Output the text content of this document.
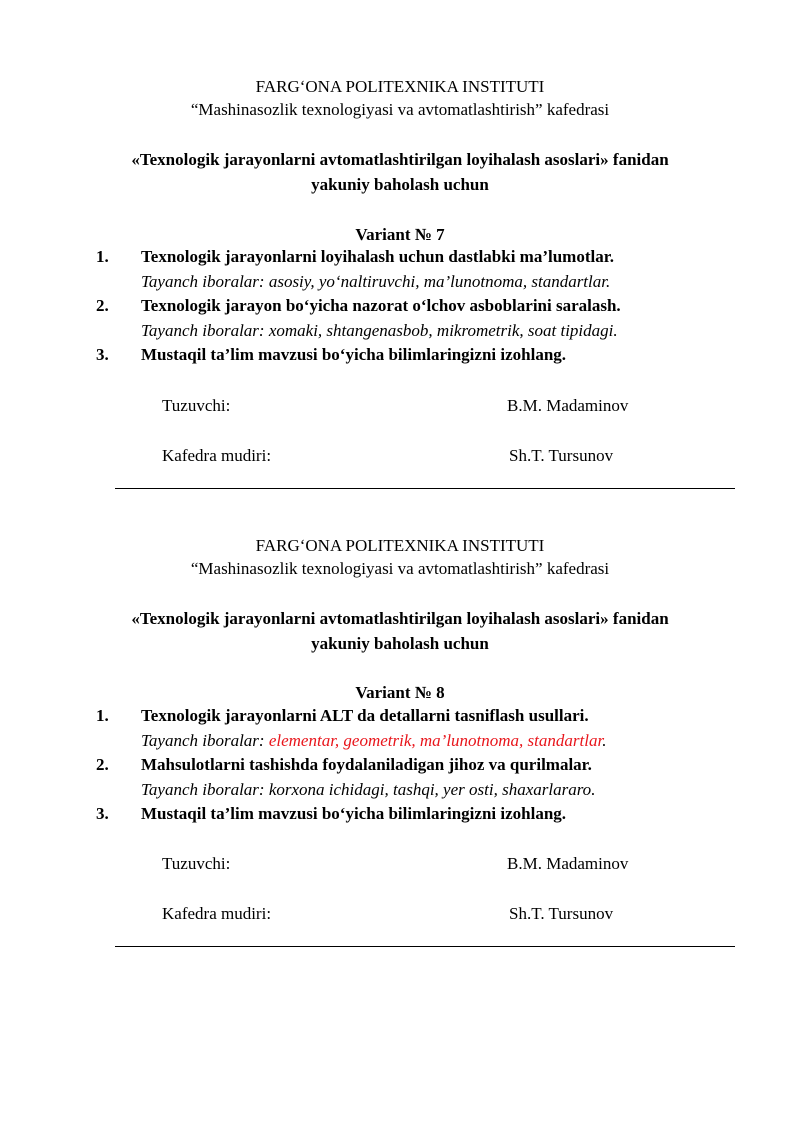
FARG‘ONA POLITEXNIKA INSTITUTI
“Mashinasozlik texnologiyasi va avtomatlashtirish” kafedrasi
«Texnologik jarayonlarni avtomatlashtirilgan loyihalash asoslari» fanidan
yakuniy baholash uchun
Variant № 7
1. Texnologik jarayonlarni loyihalash uchun dastlabki ma’lumotlar.
Tayanch iboralar: asosiy, yo‘naltiruvchi, ma’lunotnoma, standartlar.
2. Texnologik jarayon bo‘yicha nazorat o‘lchov asboblarini saralash.
Tayanch iboralar: xomaki, shtangenasbob, mikrometrik, soat tipidagi.
3. Mustaqil ta’lim mavzusi bo‘yicha bilimlaringizni izohlang.
Tuzuvchi:	B.M. Madaminov
Kafedra mudiri:	Sh.T. Tursunov
FARG‘ONA POLITEXNIKA INSTITUTI
“Mashinasozlik texnologiyasi va avtomatlashtirish” kafedrasi
«Texnologik jarayonlarni avtomatlashtirilgan loyihalash asoslari» fanidan
yakuniy baholash uchun
Variant № 8
1. Texnologik jarayonlarni ALT da detallarni tasniflash usullari.
Tayanch iboralar: elementar, geometrik, ma’lunotnoma, standartlar.
2. Mahsulotlarni tashishda foydalaniladigan jihoz va qurilmalar.
Tayanch iboralar: korxona ichidagi, tashqi, yer osti, shaxarlararo.
3. Mustaqil ta’lim mavzusi bo‘yicha bilimlaringizni izohlang.
Tuzuvchi:	B.M. Madaminov
Kafedra mudiri:	Sh.T. Tursunov
